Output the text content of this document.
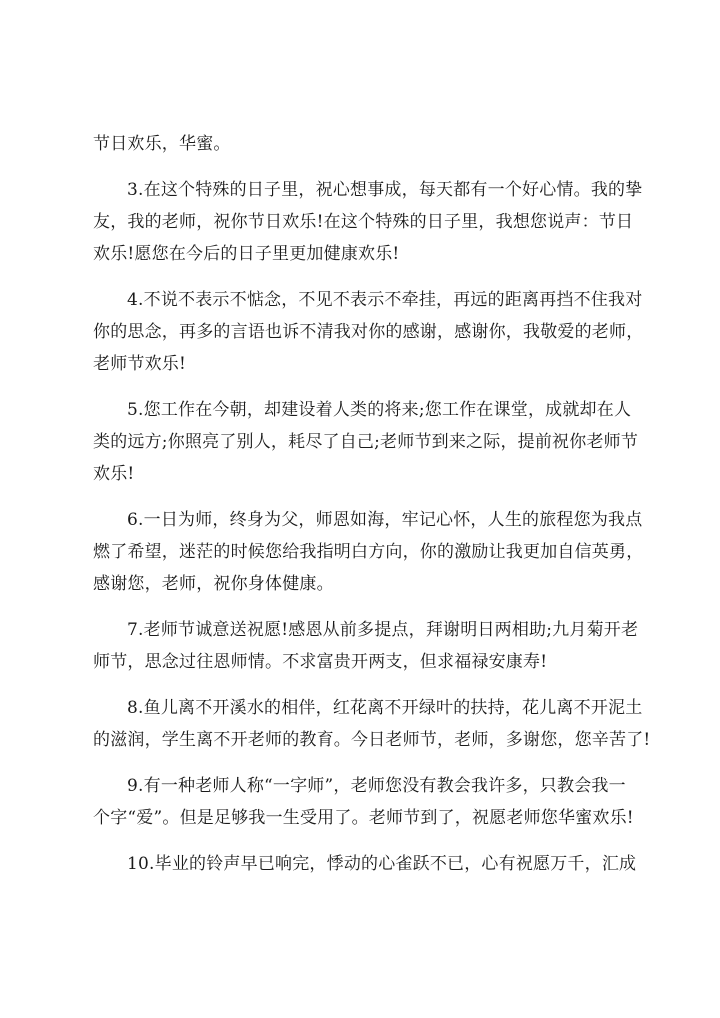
节日欢乐，华蜜。
3.在这个特殊的日子里，祝心想事成，每天都有一个好心情。我的挚
友，我的老师，祝你节日欢乐!在这个特殊的日子里，我想您说声：节日
欢乐!愿您在今后的日子里更加健康欢乐!
4.不说不表示不惦念，不见不表示不牵挂，再远的距离再挡不住我对
你的思念，再多的言语也诉不清我对你的感谢，感谢你，我敬爱的老师，
老师节欢乐!
5.您工作在今朝，却建设着人类的将来;您工作在课堂，成就却在人
类的远方;你照亮了别人，耗尽了自己;老师节到来之际，提前祝你老师节
欢乐!
6.一日为师，终身为父，师恩如海，牢记心怀，人生的旅程您为我点
燃了希望，迷茫的时候您给我指明白方向，你的激励让我更加自信英勇，
感谢您，老师，祝你身体健康。
7.老师节诚意送祝愿!感恩从前多提点，拜谢明日两相助;九月菊开老
师节，思念过往恩师情。不求富贵开两支，但求福禄安康寿!
8.鱼儿离不开溪水的相伴，红花离不开绿叶的扶持，花儿离不开泥土
的滋润，学生离不开老师的教育。今日老师节，老师，多谢您，您辛苦了!
9.有一种老师人称“一字师”，老师您没有教会我许多，只教会我一
个字“爱”。但是足够我一生受用了。老师节到了，祝愿老师您华蜜欢乐!
10.毕业的铃声早已响完，悸动的心雀跃不已，心有祝愿万千，汇成
